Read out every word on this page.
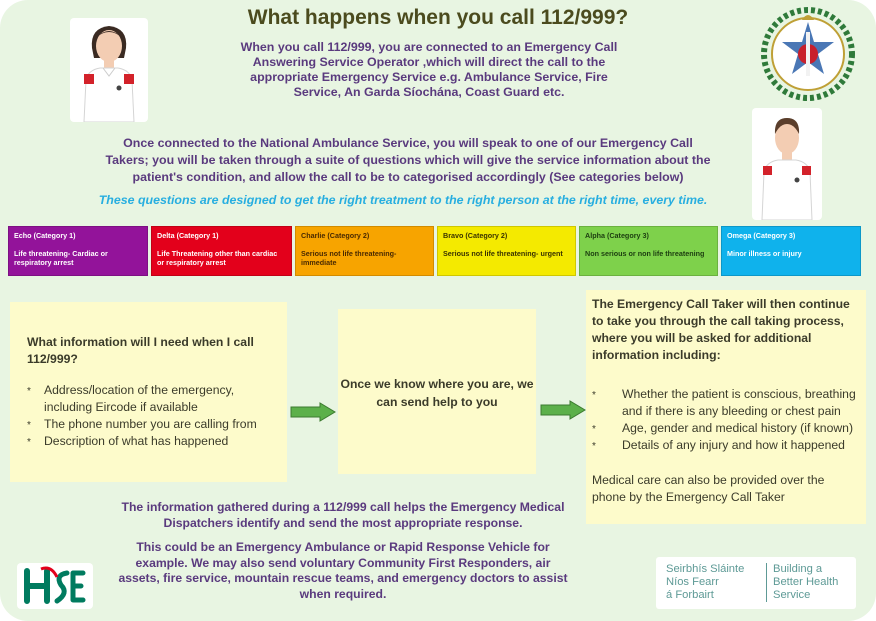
What happens when you call 112/999?
When you call 112/999, you are connected to an Emergency Call Answering Service Operator ,which will direct the call to the appropriate Emergency Service e.g. Ambulance Service, Fire Service, An Garda Síochána, Coast Guard etc.
Once connected to the National Ambulance Service, you will speak to one of our Emergency Call Takers; you will be taken through a suite of questions which will give the service information about the patient's condition, and allow the call to be to categorised accordingly (See categories below)
These questions are designed to get the right treatment to the right person at the right time, every time.
Echo (Category 1)
Life threatening- Cardiac or respiratory arrest
Delta (Category 1)
Life Threatening other than cardiac or respiratory arrest
Charlie (Category 2)
Serious not life threatening- immediate
Bravo (Category 2)
Serious not life threatening- urgent
Alpha (Category 3)
Non serious or non life threatening
Omega (Category 3)
Minor illness or injury
What information will I need when I call 112/999?
* Address/location of the emergency, including Eircode if available
* The phone number you are calling from
* Description of what has happened
Once we know where you are, we can send help to you
The Emergency Call Taker will then continue to take you through the call taking process, where you will be asked for additional information including:
* Whether the patient is conscious, breathing and if there is any bleeding or chest pain
* Age, gender and medical history (if known)
* Details of any injury and how it happened
Medical care can also be provided over the phone by the Emergency Call Taker
The information gathered during a 112/999 call helps the Emergency Medical Dispatchers identify and send the most appropriate response.
This could be an Emergency Ambulance or Rapid Response Vehicle for example. We may also send voluntary Community First Responders, air assets, fire service, mountain rescue teams, and emergency doctors to assist when required.
Seirbhís Sláinte
Níos Fearr
á Forbairt
Building a
Better Health
Service
